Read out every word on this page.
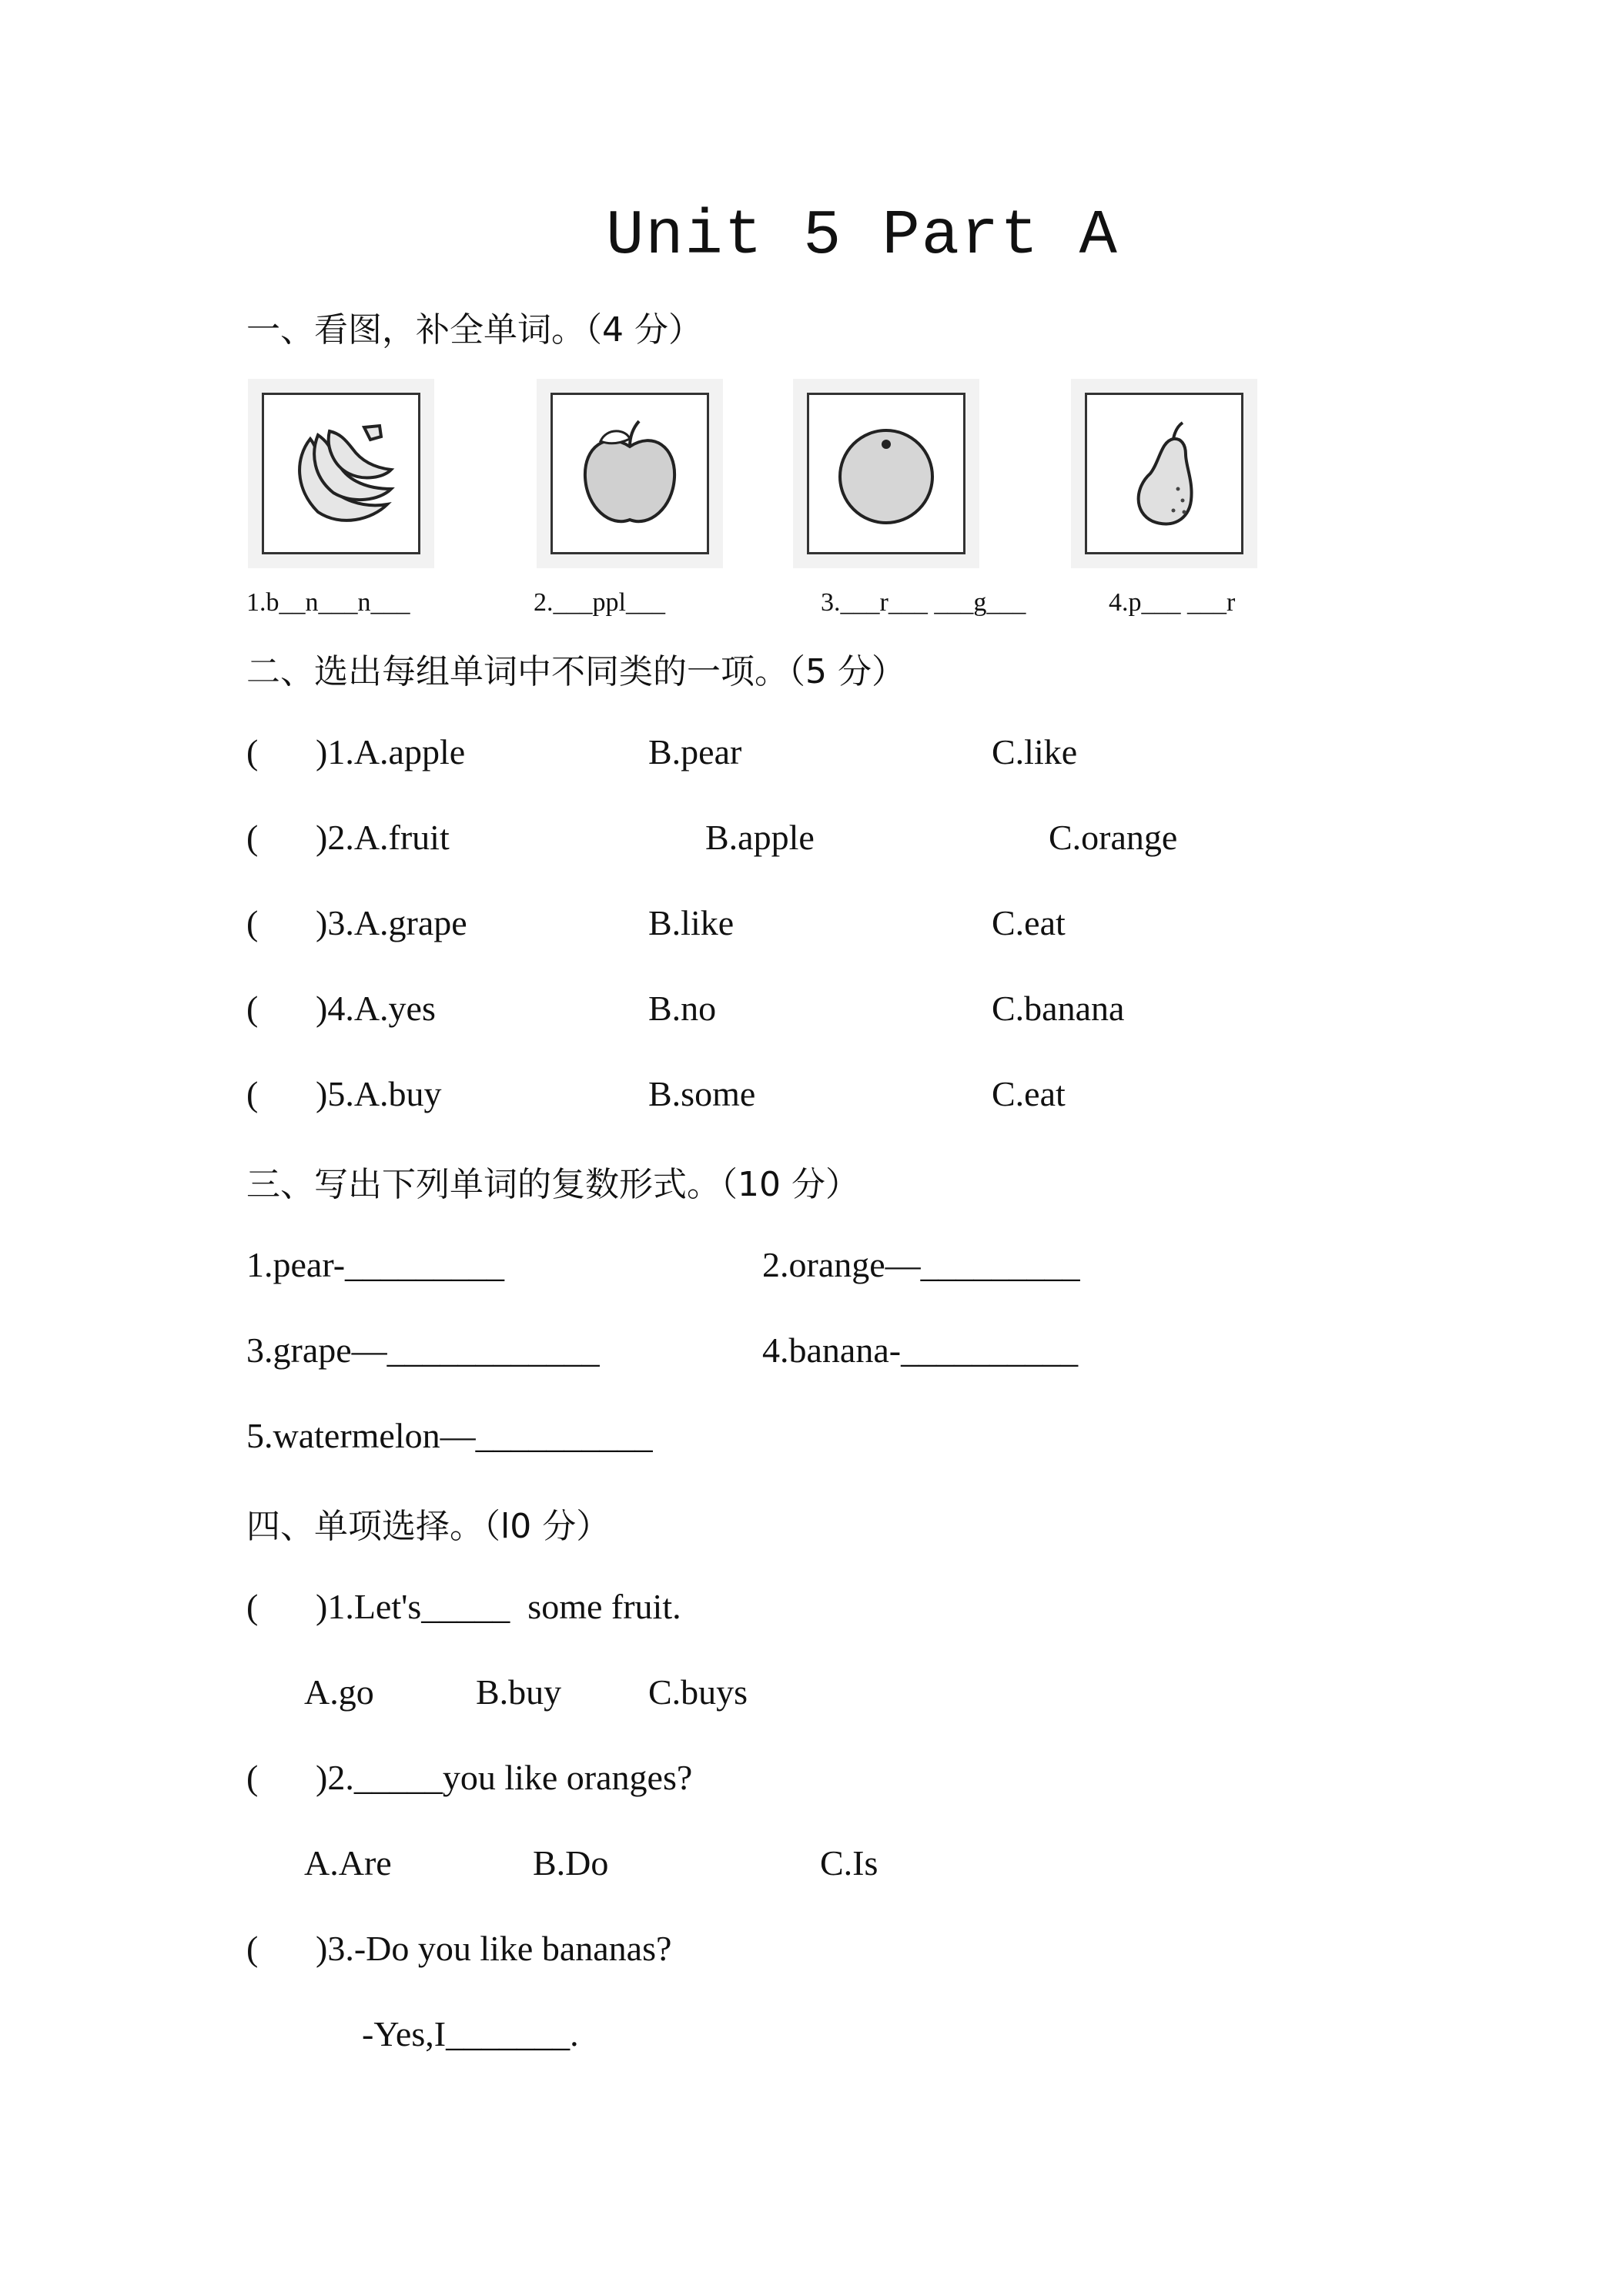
Unit 5 Part A
一、看图，补全单词。（4 分）
1.b__n___n___	2.___ppl___	3.___r___ ___g___	4.p___ ___r
二、选出每组单词中不同类的一项。（5 分）
( )1.A.apple	B.pear	C.like
( )2.A.fruit	B.apple	C.orange
( )3.A.grape	B.like	C.eat
( )4.A.yes	B.no	C.banana
( )5.A.buy	B.some	C.eat
三、写出下列单词的复数形式。（10 分）
1.pear-_________	2.orange—_________
3.grape—____________	4.banana-__________
5.watermelon—__________
四、单项选择。（l0 分）
( )1.Let's_____  some fruit.
A.go	B.buy C.buys
( )2._____you like oranges?
A.Are	B.Do	C.Is
( )3.-Do you like bananas?
-Yes,I_______.
